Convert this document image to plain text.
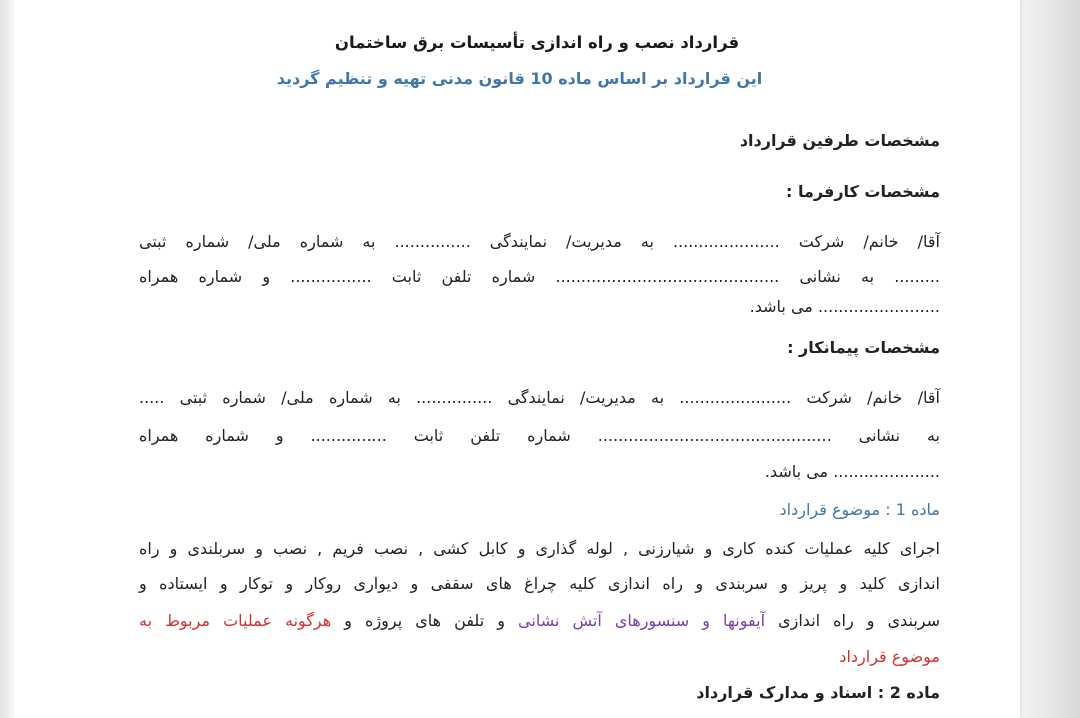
قرارداد نصب و راه اندازی تأسیسات برق ساختمان
این قرارداد بر اساس ماده 10 قانون مدنی تهیه و تنظیم گردید
مشخصات طرفین قرارداد
مشخصات کارفرما :
آقا/ خانم/ شرکت ..................... به مدیریت/ نمایندگی ............... به شماره ملی/ شماره ثبتی
......... به نشانی ............................................ شماره تلفن ثابت ................ و شماره همراه
........................ می باشد.
مشخصات پیمانکار :
آقا/ خانم/ شرکت ...................... به مدیریت/ نمایندگی ............... به شماره ملی/ شماره ثبتی .....
به نشانی .............................................. شماره تلفن ثابت ............... و شماره همراه
..................... می باشد.
ماده 1 : موضوع قرارداد
اجرای کلیه عملیات کنده کاری و شیارزنی , لوله گذاری و کابل کشی , نصب فریم , نصب و سربلندی و راه
اندازی کلید و پریز و سربندی و راه اندازی کلیه چراغ های سقفی و دیواری روکار و توکار و ایستاده و
سربندی و راه اندازی آیفونها و سنسورهای آتش نشانی و تلفن های پروژه و هرگونه عملیات مربوط به
موضوع قرارداد
ماده 2 : اسناد و مدارک قرارداد
